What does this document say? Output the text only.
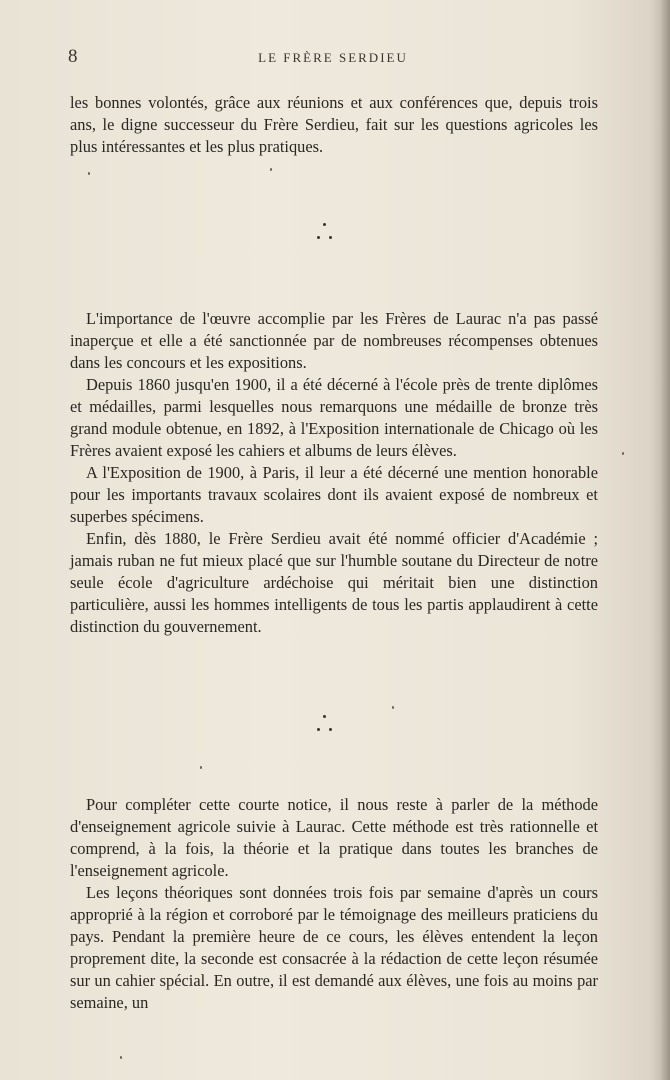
8	LE FRÈRE SERDIEU

les bonnes volontés, grâce aux réunions et aux conférences que, depuis trois ans, le digne successeur du Frère Serdieu, fait sur les questions agricoles les plus intéressantes et les plus pratiques.

L'importance de l'œuvre accomplie par les Frères de Laurac n'a pas passé inaperçue et elle a été sanctionnée par de nombreuses récompenses obtenues dans les concours et les expositions.

Depuis 1860 jusqu'en 1900, il a été décerné à l'école près de trente diplômes et médailles, parmi lesquelles nous remarquons une médaille de bronze très grand module obtenue, en 1892, à l'Exposition internationale de Chicago où les Frères avaient exposé les cahiers et albums de leurs élèves.

A l'Exposition de 1900, à Paris, il leur a été décerné une mention honorable pour les importants travaux scolaires dont ils avaient exposé de nombreux et superbes spécimens.

Enfin, dès 1880, le Frère Serdieu avait été nommé officier d'Académie ; jamais ruban ne fut mieux placé que sur l'humble soutane du Directeur de notre seule école d'agriculture ardéchoise qui méritait bien une distinction particulière, aussi les hommes intelligents de tous les partis applaudirent à cette distinction du gouvernement.

Pour compléter cette courte notice, il nous reste à parler de la méthode d'enseignement agricole suivie à Laurac. Cette méthode est très rationnelle et comprend, à la fois, la théorie et la pratique dans toutes les branches de l'enseignement agricole.

Les leçons théoriques sont données trois fois par semaine d'après un cours approprié à la région et corroboré par le témoignage des meilleurs praticiens du pays. Pendant la première heure de ce cours, les élèves entendent la leçon proprement dite, la seconde est consacrée à la rédaction de cette leçon résumée sur un cahier spécial. En outre, il est demandé aux élèves, une fois au moins par semaine, un
